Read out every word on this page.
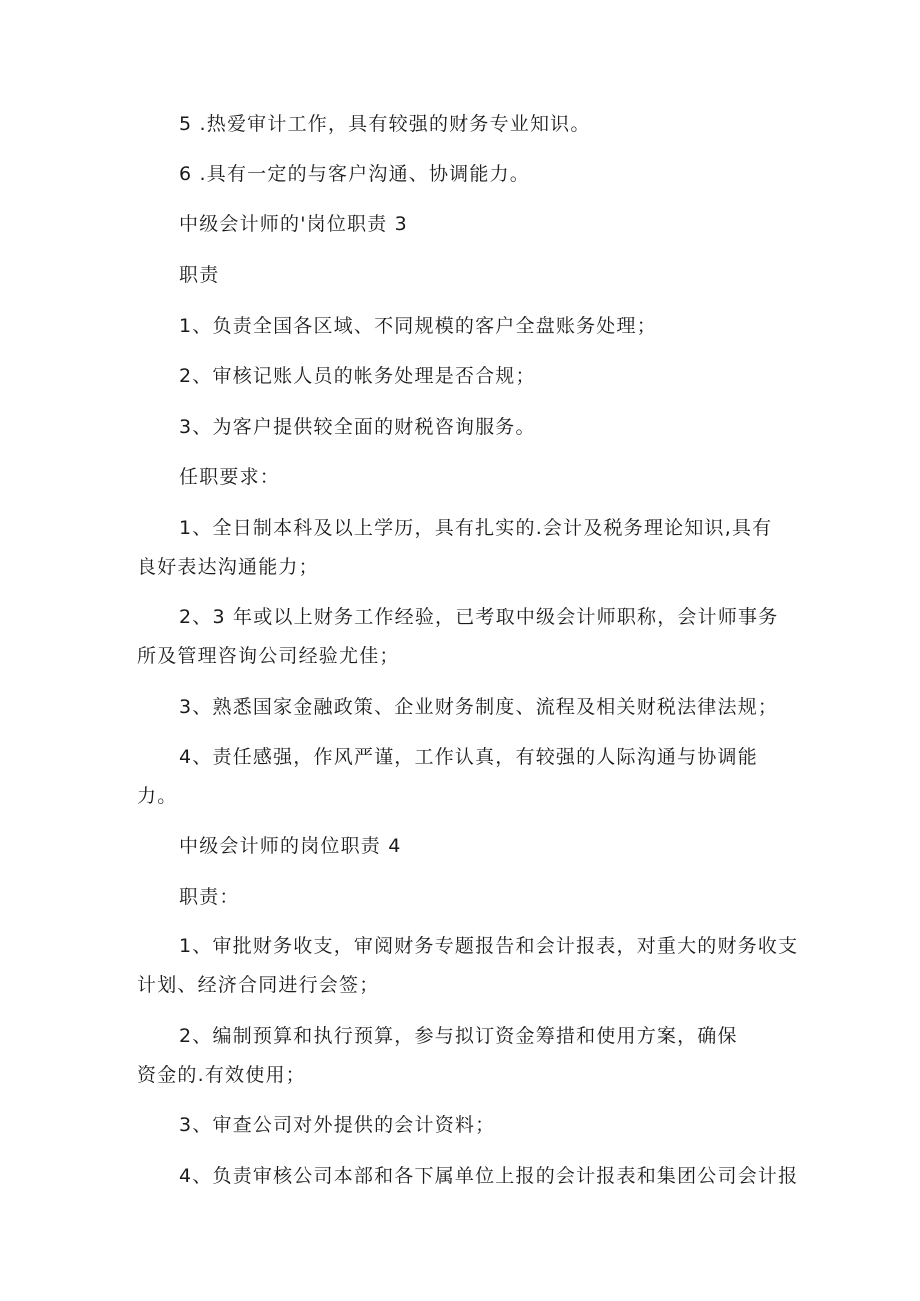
5 .热爱审计工作，具有较强的财务专业知识。
6 .具有一定的与客户沟通、协调能力。
中级会计师的'岗位职责 3
职责
1、负责全国各区域、不同规模的客户全盘账务处理；
2、审核记账人员的帐务处理是否合规；
3、为客户提供较全面的财税咨询服务。
任职要求：
1、全日制本科及以上学历，具有扎实的.会计及税务理论知识,具有
良好表达沟通能力；
2、3 年或以上财务工作经验，已考取中级会计师职称，会计师事务
所及管理咨询公司经验尤佳；
3、熟悉国家金融政策、企业财务制度、流程及相关财税法律法规；
4、责任感强，作风严谨，工作认真，有较强的人际沟通与协调能
力。
中级会计师的岗位职责 4
职责：
1、审批财务收支，审阅财务专题报告和会计报表，对重大的财务收支
计划、经济合同进行会签；
2、编制预算和执行预算，参与拟订资金筹措和使用方案，确保
资金的.有效使用；
3、审查公司对外提供的会计资料；
4、负责审核公司本部和各下属单位上报的会计报表和集团公司会计报
